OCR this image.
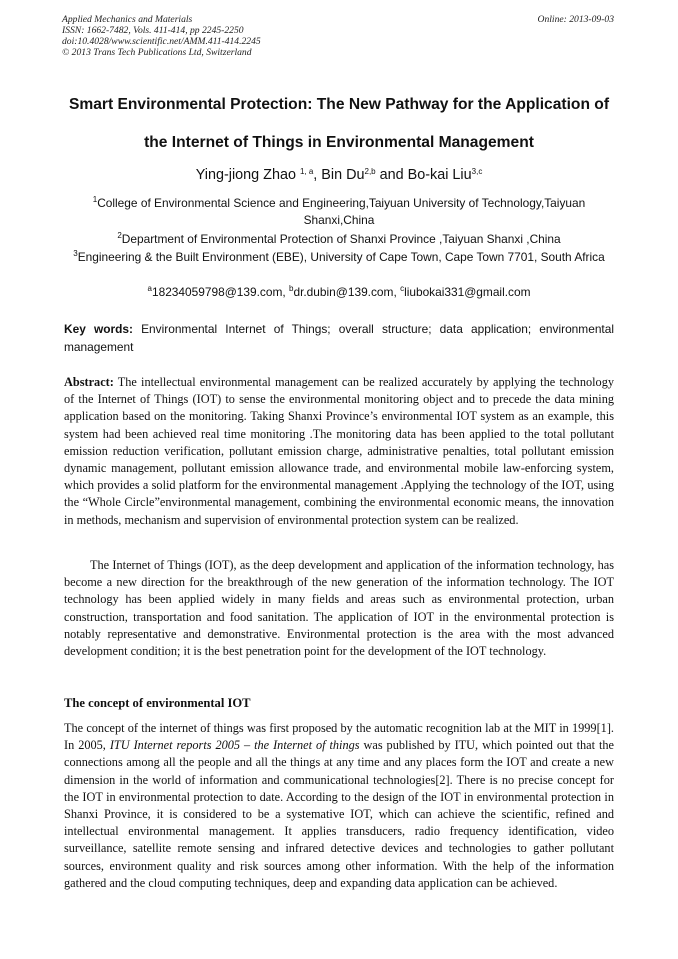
Applied Mechanics and Materials
ISSN: 1662-7482, Vols. 411-414, pp 2245-2250
doi:10.4028/www.scientific.net/AMM.411-414.2245
© 2013 Trans Tech Publications Ltd, Switzerland
Online: 2013-09-03
Smart Environmental Protection: The New Pathway for the Application of
the Internet of Things in Environmental Management
Ying-jiong Zhao $^{1, a}$, Bin Du$^{2,b}$ and Bo-kai Liu$^{3,c}$
$^1$College of Environmental Science and Engineering,Taiyuan University of Technology,Taiyuan Shanxi,China
$^2$Department of Environmental Protection of Shanxi Province ,Taiyuan Shanxi ,China
$^3$Engineering & the Built Environment (EBE), University of Cape Town, Cape Town 7701, South Africa
$^a$18234059798@139.com, $^b$dr.dubin@139.com, $^c$liubokai331@gmail.com
Key words: Environmental Internet of Things; overall structure; data application; environmental management
Abstract: The intellectual environmental management can be realized accurately by applying the technology of the Internet of Things (IOT) to sense the environmental monitoring object and to precede the data mining application based on the monitoring. Taking Shanxi Province’s environmental IOT system as an example, this system had been achieved real time monitoring .The monitoring data has been applied to the total pollutant emission reduction verification, pollutant emission charge, administrative penalties, total pollutant emission dynamic management, pollutant emission allowance trade, and environmental mobile law-enforcing system, which provides a solid platform for the environmental management .Applying the technology of the IOT, using the “Whole Circle”environmental management, combining the environmental economic means, the innovation in methods, mechanism and supervision of environmental protection system can be realized.
The Internet of Things (IOT), as the deep development and application of the information technology, has become a new direction for the breakthrough of the new generation of the information technology. The IOT technology has been applied widely in many fields and areas such as environmental protection, urban construction, transportation and food sanitation. The application of IOT in the environmental protection is notably representative and demonstrative. Environmental protection is the area with the most advanced development condition; it is the best penetration point for the development of the IOT technology.
The concept of environmental IOT
The concept of the internet of things was first proposed by the automatic recognition lab at the MIT in 1999[1]. In 2005, ITU Internet reports 2005 – the Internet of things was published by ITU, which pointed out that the connections among all the people and all the things at any time and any places form the IOT and create a new dimension in the world of information and communicational technologies[2]. There is no precise concept for the IOT in environmental protection to date. According to the design of the IOT in environmental protection in Shanxi Province, it is considered to be a systemative IOT, which can achieve the scientific, refined and intellectual environmental management. It applies transducers, radio frequency identification, video surveillance, satellite remote sensing and infrared detective devices and technologies to gather pollutant sources, environment quality and risk sources among other information. With the help of the information gathered and the cloud computing techniques, deep and expanding data application can be achieved.
